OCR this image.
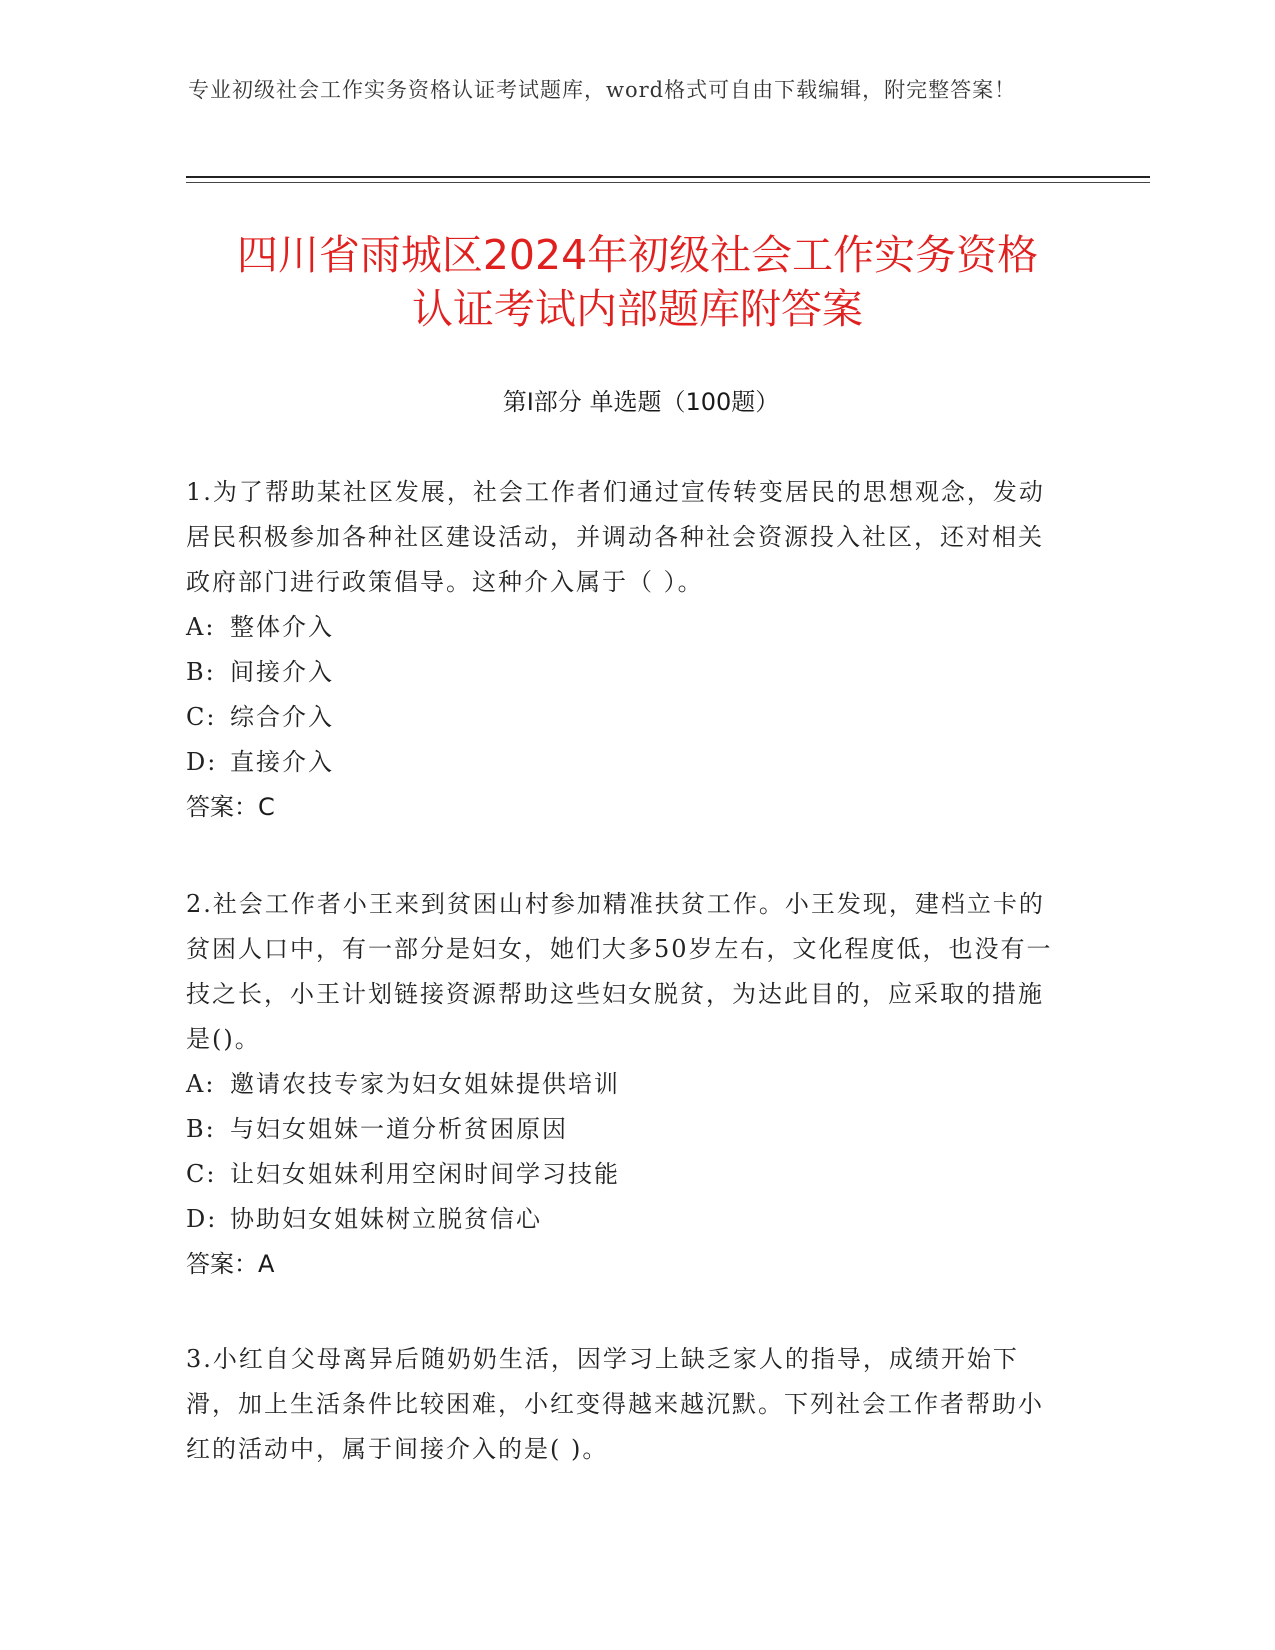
专业初级社会工作实务资格认证考试题库，word格式可自由下载编辑，附完整答案！
四川省雨城区2024年初级社会工作实务资格
认证考试内部题库附答案
第I部分 单选题（100题）
1.为了帮助某社区发展，社会工作者们通过宣传转变居民的思想观念，发动居民积极参加各种社区建设活动，并调动各种社会资源投入社区，还对相关政府部门进行政策倡导。这种介入属于（ ）。
A: 整体介入
B: 间接介入
C: 综合介入
D: 直接介入
答案：C
2.社会工作者小王来到贫困山村参加精准扶贫工作。小王发现，建档立卡的贫困人口中，有一部分是妇女，她们大多50岁左右，文化程度低，也没有一技之长，小王计划链接资源帮助这些妇女脱贫，为达此目的，应采取的措施是()。
A: 邀请农技专家为妇女姐妹提供培训
B: 与妇女姐妹一道分析贫困原因
C: 让妇女姐妹利用空闲时间学习技能
D: 协助妇女姐妹树立脱贫信心
答案：A
3.小红自父母离异后随奶奶生活，因学习上缺乏家人的指导，成绩开始下滑，加上生活条件比较困难，小红变得越来越沉默。下列社会工作者帮助小红的活动中，属于间接介入的是( )。
